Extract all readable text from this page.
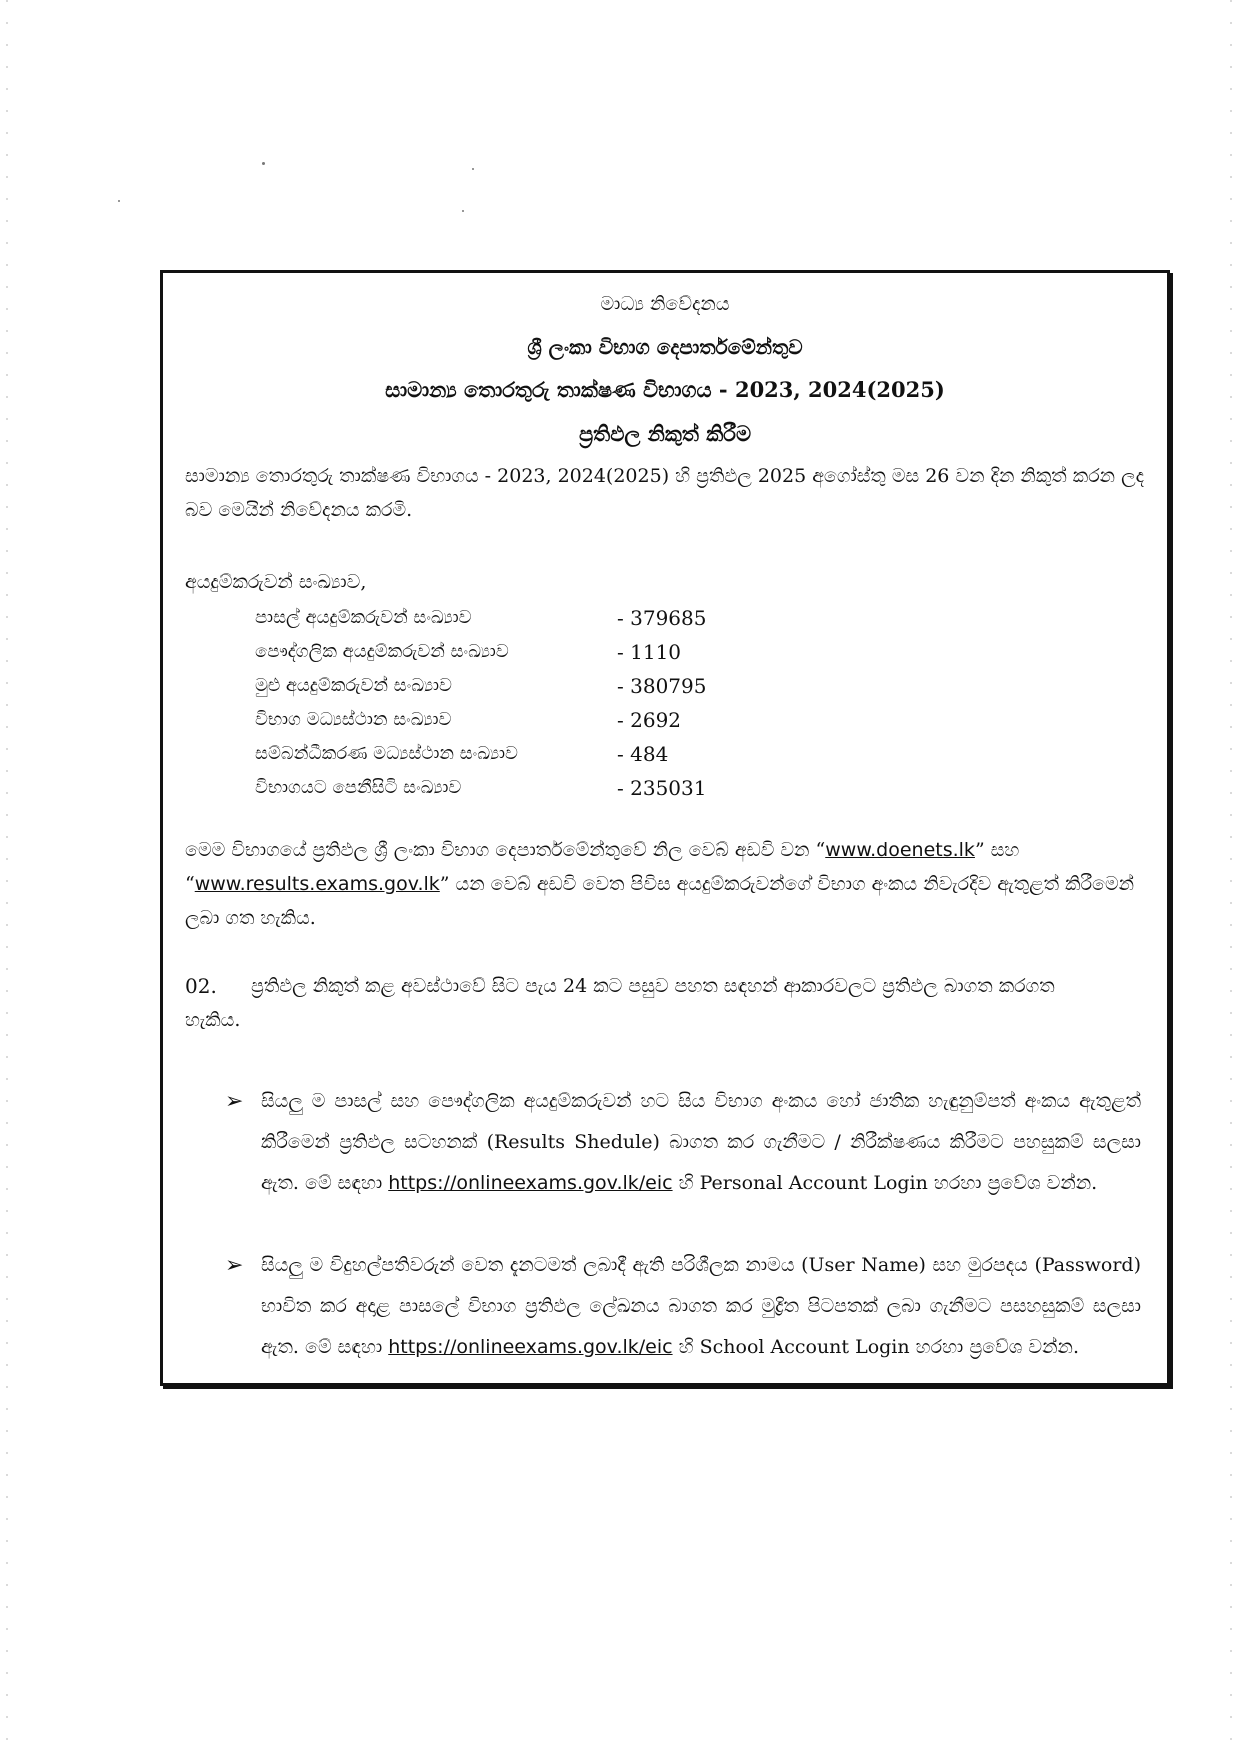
මාධ්‍ය නිවේදනය
ශ්‍රී ලංකා විභාග දෙපාර්තමේන්තුව
සාමාන්‍ය තොරතුරු තාක්ෂණ විභාගය - 2023, 2024(2025)
ප්‍රතිඵල නිකුත් කිරීම
සාමාන්‍ය තොරතුරු තාක්ෂණ විභාගය - 2023, 2024(2025) හි ප්‍රතිඵල 2025 අගෝස්තු මස 26 වන දින නිකුත් කරන ලද බව මෙයින් නිවේදනය කරමි.
අයදුම්කරුවන් සංඛ්‍යාව,
පාසල් අයදුම්කරුවන් සංඛ්‍යාව	- 379685
පෞද්ගලික අයදුම්කරුවන් සංඛ්‍යාව	- 1110
මුළු අයදුම්කරුවන් සංඛ්‍යාව	- 380795
විභාග මධ්‍යස්ථාන සංඛ්‍යාව	- 2692
සම්බන්ධීකරණ මධ්‍යස්ථාන සංඛ්‍යාව	- 484
විභාගයට පෙනීසිටි සංඛ්‍යාව	- 235031
මෙම විභාගයේ ප්‍රතිඵල ශ්‍රී ලංකා විභාග දෙපාර්තමේන්තුවේ නිල වෙබ් අඩවි වන “www.doenets.lk” සහ “www.results.exams.gov.lk” යන වෙබ් අඩවි වෙත පිවිස අයදුම්කරුවන්ගේ විභාග අංකය නිවැරදිව ඇතුළත් කිරීමෙන් ලබා ගත හැකිය.
02. ප්‍රතිඵල නිකුත් කළ අවස්ථාවේ සිට පැය 24 කට පසුව පහත සඳහන් ආකාරවලට ප්‍රතිඵල බාගත කරගත
හැකිය.
➢ සියලු ම පාසල් සහ පෞද්ගලික අයදුම්කරුවන් හට සිය විභාග අංකය හෝ ජාතික හැඳුනුම්පත් අංකය ඇතුළත් කිරීමෙන් ප්‍රතිඵල සටහනක් (Results Shedule) බාගත කර ගැනීමට / නිරීක්ෂණය කිරීමට පහසුකම් සලසා ඇත. මේ සඳහා https://onlineexams.gov.lk/eic හි Personal Account Login හරහා ප්‍රවේශ වන්න.
➢ සියලු ම විදුහල්පතිවරුන් වෙත දැනටමත් ලබාදී ඇති පරිශීලක නාමය (User Name) සහ මුරපදය (Password) භාවිත කර අදාළ පාසලේ විභාග ප්‍රතිඵල ලේඛනය බාගත කර මුද්‍රිත පිටපතක් ලබා ගැනීමට පසහසුකම් සලසා ඇත. මේ සඳහා https://onlineexams.gov.lk/eic හි School Account Login හරහා ප්‍රවේශ වන්න.
